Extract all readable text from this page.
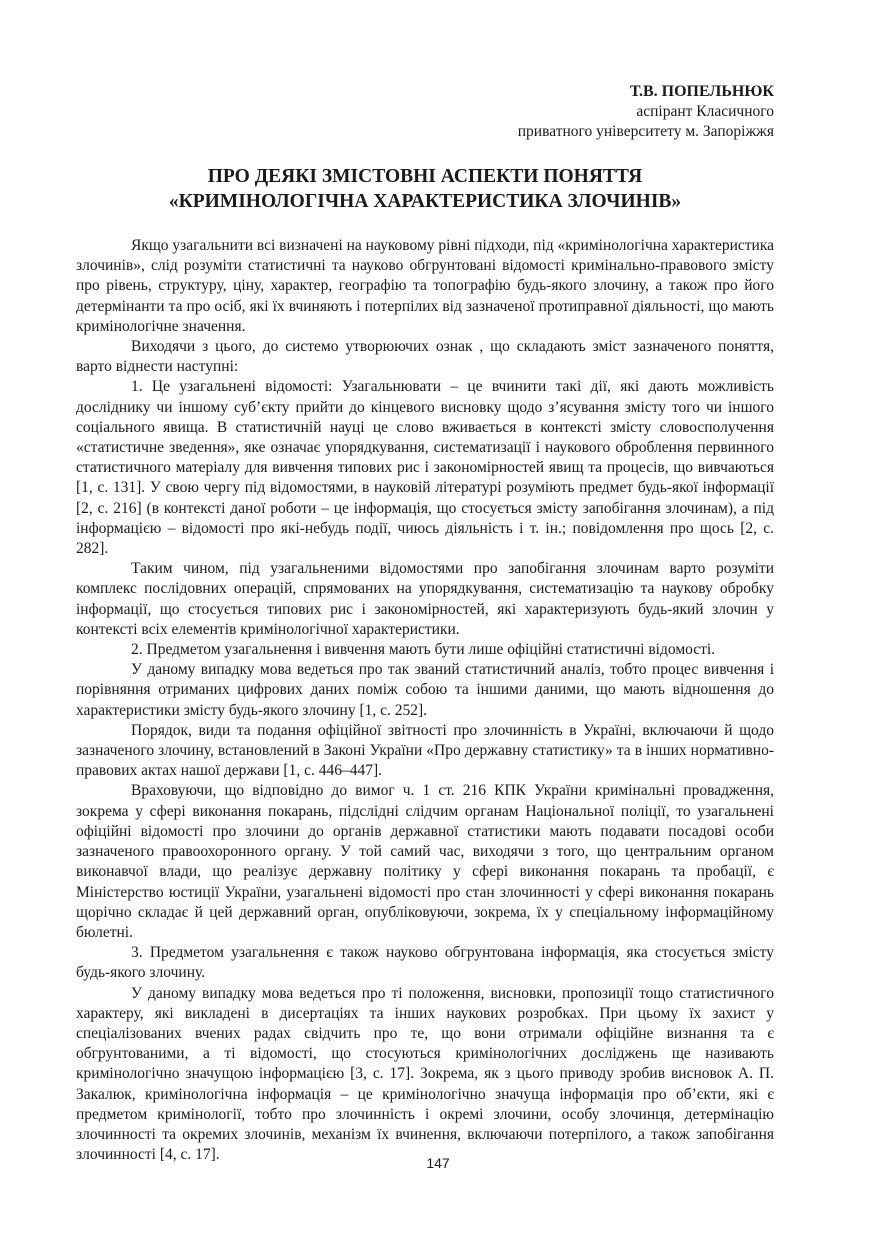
Т.В. ПОПЕЛЬНЮК
аспірант Класичного
приватного університету м. Запоріжжя
ПРО ДЕЯКІ ЗМІСТОВНІ АСПЕКТИ ПОНЯТТЯ
«КРИМІНОЛОГІЧНА ХАРАКТЕРИСТИКА ЗЛОЧИНІВ»

Якщо узагальнити всі визначені на науковому рівні підходи, під «кримінологічна характеристика злочинів», слід розуміти статистичні та науково обгрунтовані відомості кримінально-правового змісту про рівень, структуру, ціну, характер, географію та топографію будь-якого злочину, а також про його детермінанти та про осіб, які їх вчиняють і потерпілих від зазначеної протиправної діяльності, що мають кримінологічне значення.

Виходячи з цього, до системо утворюючих ознак , що складають зміст зазначеного поняття, варто віднести наступні:

1. Це узагальнені відомості: Узагальнювати – це вчинити такі дії, які дають можливість досліднику чи іншому суб’єкту прийти до кінцевого висновку щодо з’ясування змісту того чи іншого соціального явища. В статистичній науці це слово вживається в контексті змісту словосполучення «статистичне зведення», яке означає упорядкування, систематизації і наукового оброблення первинного статистичного матеріалу для вивчення типових рис і закономірностей явищ та процесів, що вивчаються [1, с. 131]. У свою чергу під відомостями, в науковій літературі розуміють предмет будь-якої інформації [2, с. 216] (в контексті даної роботи – це інформація, що стосується змісту запобігання злочинам), а під інформацією – відомості про які-небудь події, чиюсь діяльність і т. ін.; повідомлення про щось [2, с. 282].

Таким чином, під узагальненими відомостями про запобігання злочинам варто розуміти комплекс послідовних операцій, спрямованих на упорядкування, систематизацію та наукову обробку інформації, що стосується типових рис і закономірностей, які характеризують будь-який злочин у контексті всіх елементів кримінологічної характеристики.

2. Предметом узагальнення і вивчення мають бути лише офіційні статистичні відомості.

У даному випадку мова ведеться про так званий статистичний аналіз, тобто процес вивчення і порівняння отриманих цифрових даних поміж собою та іншими даними, що мають відношення до характеристики змісту будь-якого злочину [1, с. 252].

Порядок, види та подання офіційної звітності про злочинність в Україні, включаючи й щодо зазначеного злочину, встановлений в Законі України «Про державну статистику» та в інших нормативно-правових актах нашої держави [1, с. 446–447].

Враховуючи, що відповідно до вимог ч. 1 ст. 216 КПК України кримінальні провадження, зокрема у сфері виконання покарань, підслідні слідчим органам Національної поліції, то узагальнені офіційні відомості про злочини до органів державної статистики мають подавати посадові особи зазначеного правоохоронного органу. У той самий час, виходячи з того, що центральним органом виконавчої влади, що реалізує державну політику у сфері виконання покарань та пробації, є Міністерство юстиції України, узагальнені відомості про стан злочинності у сфері виконання покарань щорічно складає й цей державний орган, опубліковуючи, зокрема, їх у спеціальному інформаційному бюлетні.

3. Предметом узагальнення є також науково обгрунтована інформація, яка стосується змісту будь-якого злочину.

У даному випадку мова ведеться про ті положення, висновки, пропозиції тощо статистичного характеру, які викладені в дисертаціях та інших наукових розробках. При цьому їх захист у спеціалізованих вчених радах свідчить про те, що вони отримали офіційне визнання та є обгрунтованими, а ті відомості, що стосуються кримінологічних досліджень ще називають кримінологічно значущою інформацією [3, с. 17]. Зокрема, як з цього приводу зробив висновок А. П. Закалюк, кримінологічна інформація – це кримінологічно значуща інформація про об’єкти, які є предметом кримінології, тобто про злочинність і окремі злочини, особу злочинця, детермінацію злочинності та окремих злочинів, механізм їх вчинення, включаючи потерпілого, а також запобігання злочинності [4, с. 17].	147
